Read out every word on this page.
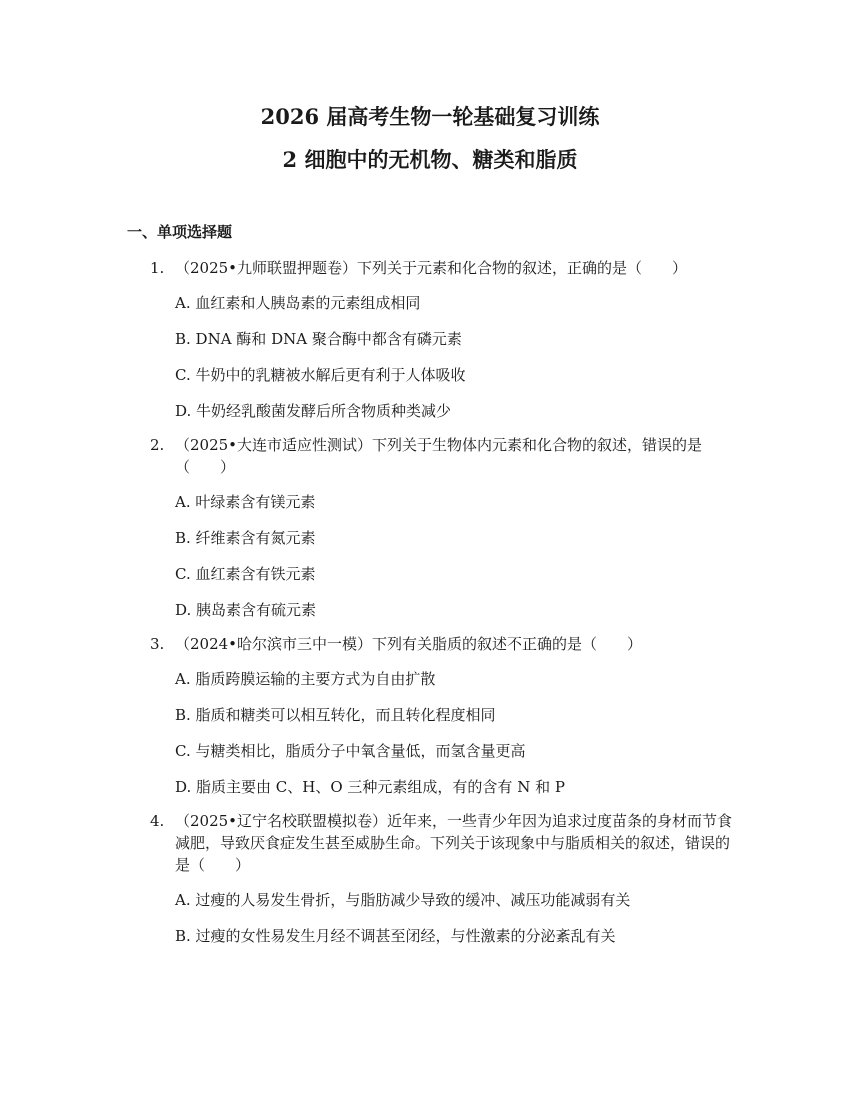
2026 届高考生物一轮基础复习训练
2 细胞中的无机物、糖类和脂质
一、单项选择题
1. （2025•九师联盟押题卷）下列关于元素和化合物的叙述，正确的是（　　）
A. 血红素和人胰岛素的元素组成相同
B. DNA 酶和 DNA 聚合酶中都含有磷元素
C. 牛奶中的乳糖被水解后更有利于人体吸收
D. 牛奶经乳酸菌发酵后所含物质种类减少
2. （2025•大连市适应性测试）下列关于生物体内元素和化合物的叙述，错误的是（　　）
A. 叶绿素含有镁元素
B. 纤维素含有氮元素
C. 血红素含有铁元素
D. 胰岛素含有硫元素
3. （2024•哈尔滨市三中一模）下列有关脂质的叙述不正确的是（　　）
A. 脂质跨膜运输的主要方式为自由扩散
B. 脂质和糖类可以相互转化，而且转化程度相同
C. 与糖类相比，脂质分子中氧含量低，而氢含量更高
D. 脂质主要由 C、H、O 三种元素组成，有的含有 N 和 P
4. （2025•辽宁名校联盟模拟卷）近年来，一些青少年因为追求过度苗条的身材而节食减肥，导致厌食症发生甚至威胁生命。下列关于该现象中与脂质相关的叙述，错误的是（　　）
A. 过瘦的人易发生骨折，与脂肪减少导致的缓冲、减压功能减弱有关
B. 过瘦的女性易发生月经不调甚至闭经，与性激素的分泌紊乱有关
